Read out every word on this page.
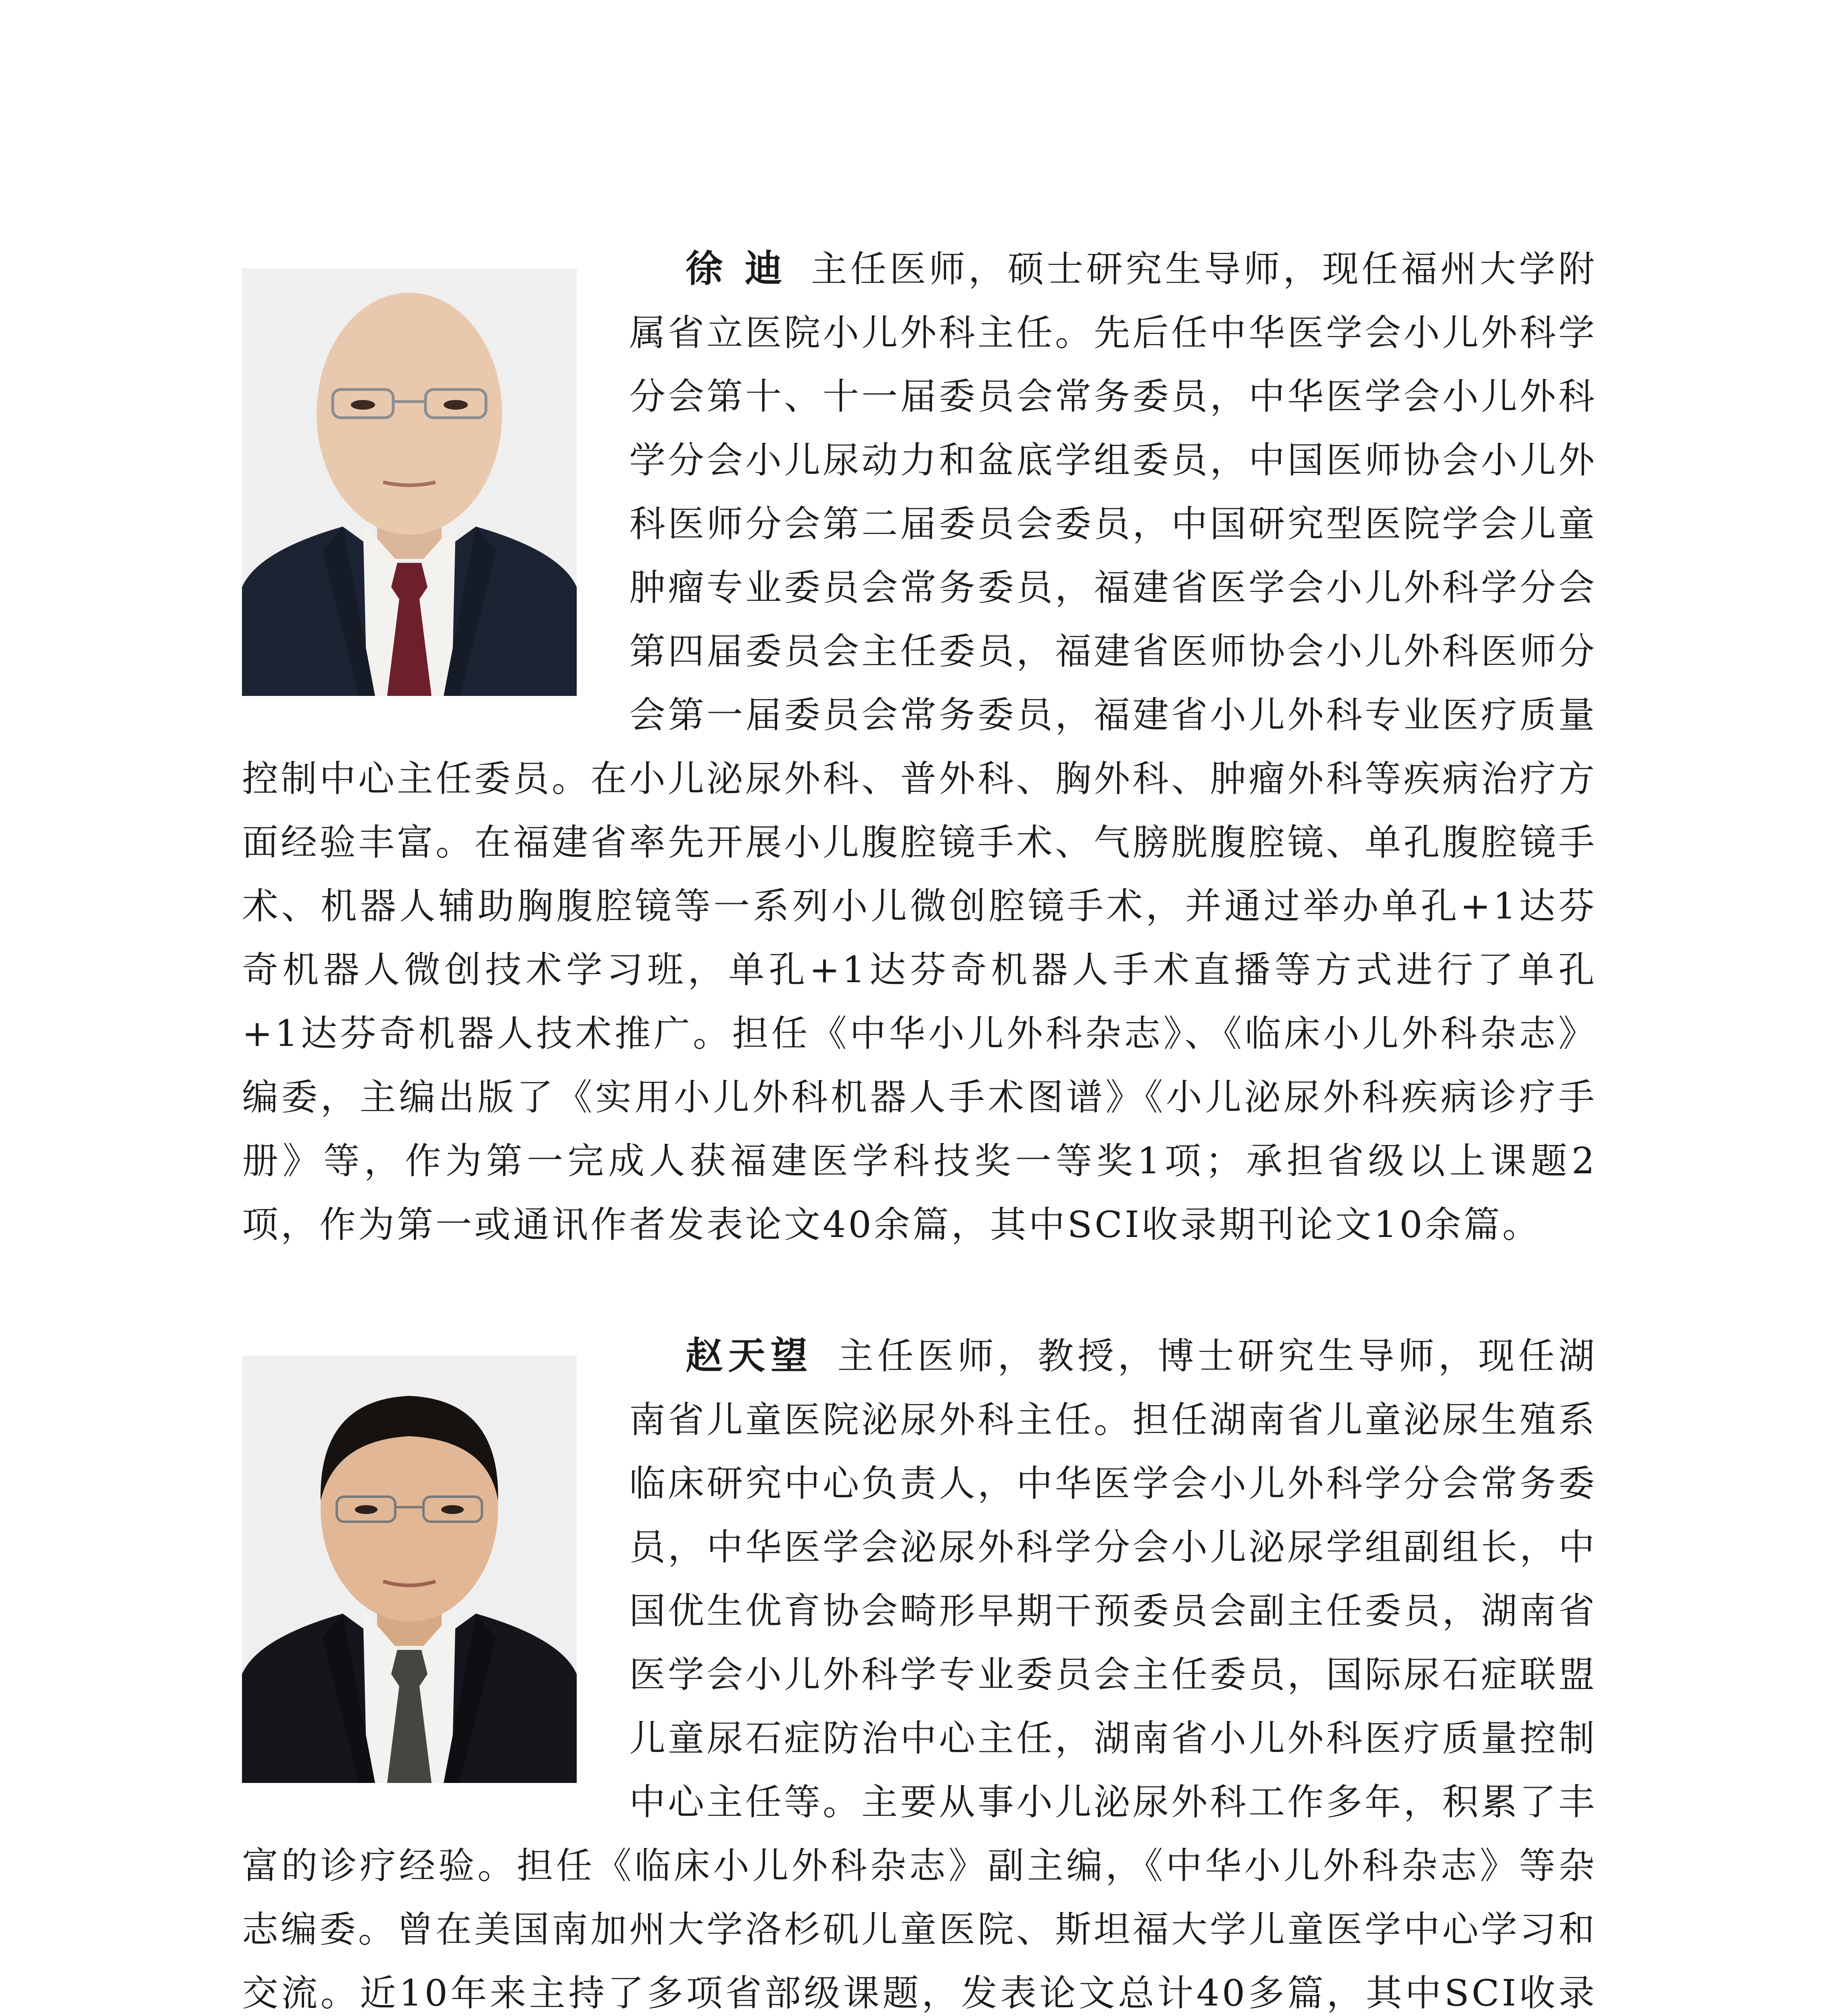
徐 迪 主任医师，硕士研究生导师，现任福州大学附属省立医院小儿外科主任。先后任中华医学会小儿外科学分会第十、十一届委员会常务委员，中华医学会小儿外科学分会小儿尿动力和盆底学组委员，中国医师协会小儿外科医师分会第二届委员会委员，中国研究型医院学会儿童肿瘤专业委员会常务委员，福建省医学会小儿外科学分会第四届委员会主任委员，福建省医师协会小儿外科医师分会第一届委员会常务委员，福建省小儿外科专业医疗质量控制中心主任委员。在小儿泌尿外科、普外科、胸外科、肿瘤外科等疾病治疗方面经验丰富。在福建省率先开展小儿腹腔镜手术、气膀胱腹腔镜、单孔腹腔镜手术、机器人辅助胸腹腔镜等一系列小儿微创腔镜手术，并通过举办单孔+1达芬奇机器人微创技术学习班，单孔+1达芬奇机器人手术直播等方式进行了单孔+1达芬奇机器人技术推广。担任《中华小儿外科杂志》、《临床小儿外科杂志》编委，主编出版了《实用小儿外科机器人手术图谱》《小儿泌尿外科疾病诊疗手册》等，作为第一完成人获福建医学科技奖一等奖1项；承担省级以上课题2项，作为第一或通讯作者发表论文40余篇，其中SCI收录期刊论文10余篇。

赵天望 主任医师，教授，博士研究生导师，现任湖南省儿童医院泌尿外科主任。担任湖南省儿童泌尿生殖系临床研究中心负责人，中华医学会小儿外科学分会常务委员，中华医学会泌尿外科学分会小儿泌尿学组副组长，中国优生优育协会畸形早期干预委员会副主任委员，湖南省医学会小儿外科学专业委员会主任委员，国际尿石症联盟儿童尿石症防治中心主任，湖南省小儿外科医疗质量控制中心主任等。主要从事小儿泌尿外科工作多年，积累了丰富的诊疗经验。担任《临床小儿外科杂志》副主编，《中华小儿外科杂志》等杂志编委。曾在美国南加州大学洛杉矶儿童医院、斯坦福大学儿童医学中心学习和交流。近10年来主持了多项省部级课题，发表论文总计40多篇，其中SCI收录
